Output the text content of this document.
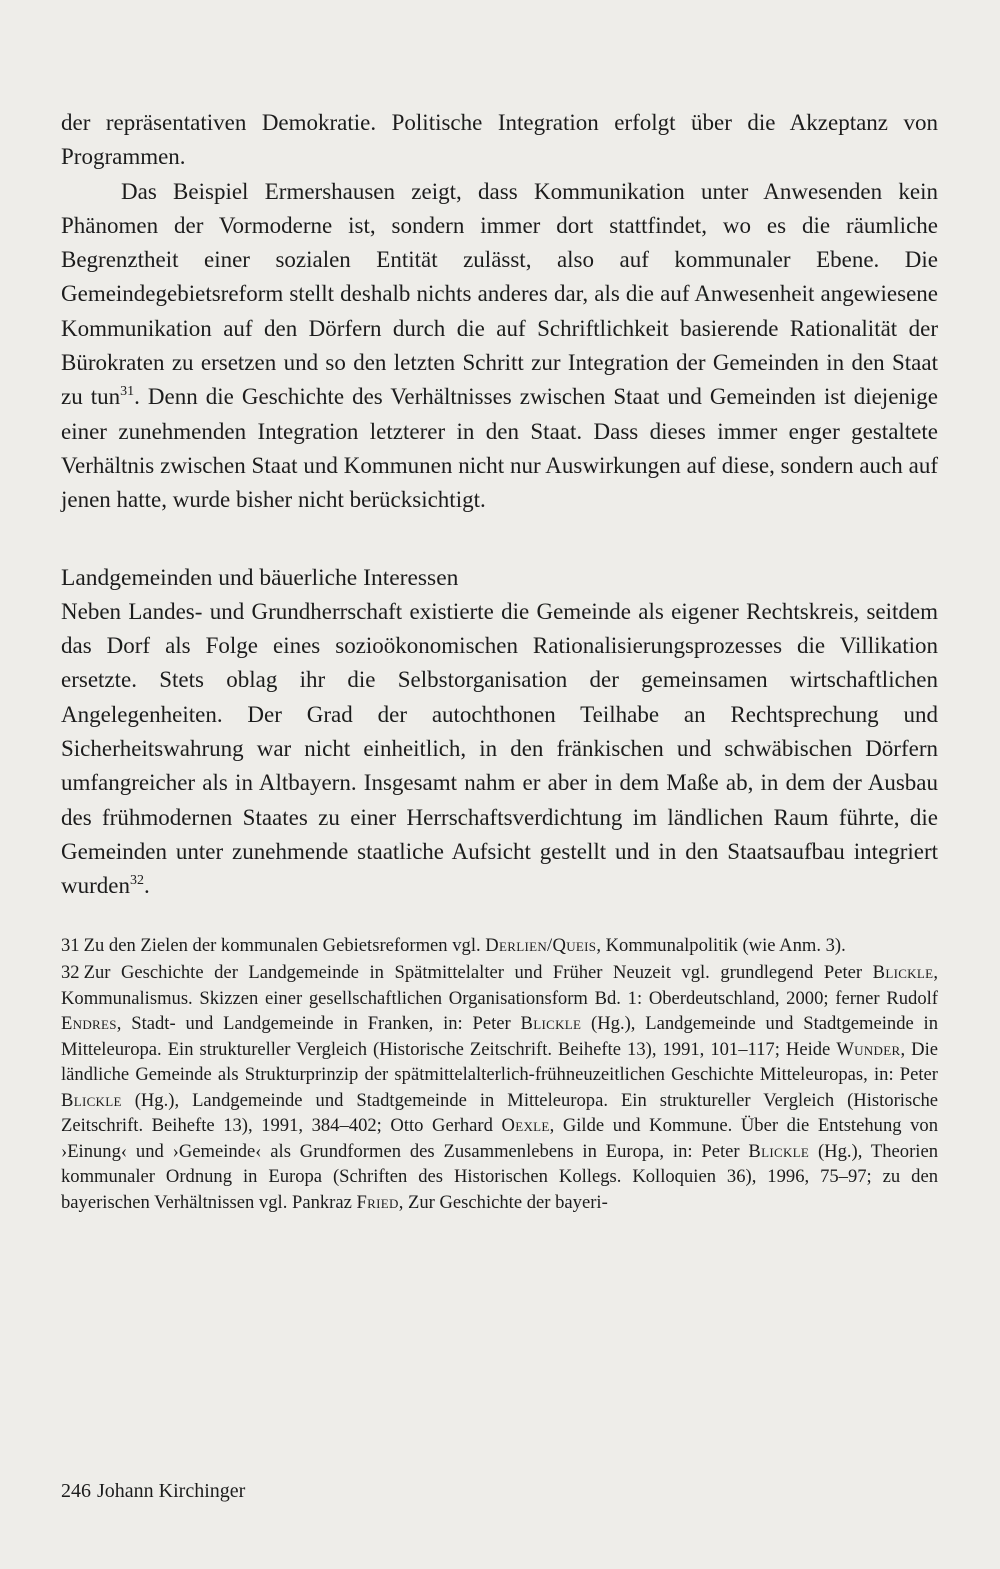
der repräsentativen Demokratie. Politische Integration erfolgt über die Akzeptanz von Programmen.

Das Beispiel Ermershausen zeigt, dass Kommunikation unter Anwesenden kein Phänomen der Vormoderne ist, sondern immer dort stattfindet, wo es die räumliche Begrenztheit einer sozialen Entität zulässt, also auf kommunaler Ebene. Die Gemeindegebietsreform stellt deshalb nichts anderes dar, als die auf Anwesenheit angewiesene Kommunikation auf den Dörfern durch die auf Schriftlichkeit basierende Rationalität der Bürokraten zu ersetzen und so den letzten Schritt zur Integration der Gemeinden in den Staat zu tun$^{31}$. Denn die Geschichte des Verhältnisses zwischen Staat und Gemeinden ist diejenige einer zunehmenden Integration letzterer in den Staat. Dass dieses immer enger gestaltete Verhältnis zwischen Staat und Kommunen nicht nur Auswirkungen auf diese, sondern auch auf jenen hatte, wurde bisher nicht berücksichtigt.

Landgemeinden und bäuerliche Interessen

Neben Landes- und Grundherrschaft existierte die Gemeinde als eigener Rechtskreis, seitdem das Dorf als Folge eines sozioökonomischen Rationalisierungsprozesses die Villikation ersetzte. Stets oblag ihr die Selbstorganisation der gemeinsamen wirtschaftlichen Angelegenheiten. Der Grad der autochthonen Teilhabe an Rechtsprechung und Sicherheitswahrung war nicht einheitlich, in den fränkischen und schwäbischen Dörfern umfangreicher als in Altbayern. Insgesamt nahm er aber in dem Maße ab, in dem der Ausbau des frühmodernen Staates zu einer Herrschaftsverdichtung im ländlichen Raum führte, die Gemeinden unter zunehmende staatliche Aufsicht gestellt und in den Staatsaufbau integriert wurden$^{32}$.

31 Zu den Zielen der kommunalen Gebietsreformen vgl. Derlien/Queis, Kommunalpolitik (wie Anm. 3).

32 Zur Geschichte der Landgemeinde in Spätmittelalter und Früher Neuzeit vgl. grundlegend Peter Blickle, Kommunalismus. Skizzen einer gesellschaftlichen Organisationsform Bd. 1: Oberdeutschland, 2000; ferner Rudolf Endres, Stadt- und Landgemeinde in Franken, in: Peter Blickle (Hg.), Landgemeinde und Stadtgemeinde in Mitteleuropa. Ein struktureller Vergleich (Historische Zeitschrift. Beihefte 13), 1991, 101–117; Heide Wunder, Die ländliche Gemeinde als Strukturprinzip der spätmittelalterlich-frühneuzeitlichen Geschichte Mitteleuropas, in: Peter Blickle (Hg.), Landgemeinde und Stadtgemeinde in Mitteleuropa. Ein struktureller Vergleich (Historische Zeitschrift. Beihefte 13), 1991, 384–402; Otto Gerhard Oexle, Gilde und Kommune. Über die Entstehung von ›Einung‹ und ›Gemeinde‹ als Grundformen des Zusammenlebens in Europa, in: Peter Blickle (Hg.), Theorien kommunaler Ordnung in Europa (Schriften des Historischen Kollegs. Kolloquien 36), 1996, 75–97; zu den bayerischen Verhältnissen vgl. Pankraz Fried, Zur Geschichte der bayeri-

246 Johann Kirchinger
